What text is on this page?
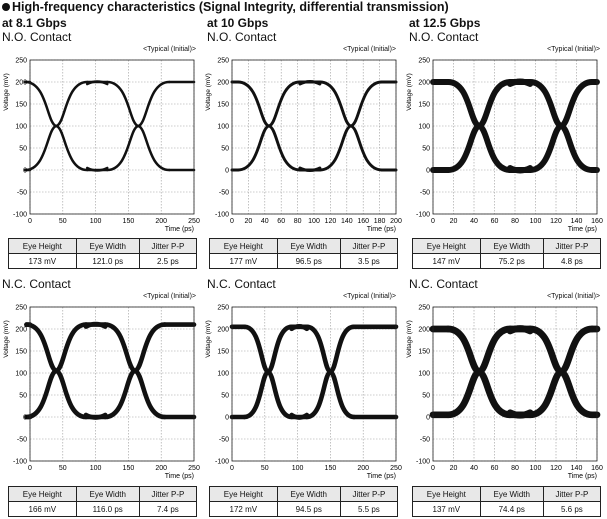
High-frequency characteristics (Signal Integrity, differential transmission)
at 8.1 Gbps	at 10 Gbps	at 12.5 Gbps
N.O. Contact	N.O. Contact	N.O. Contact
N.C. Contact	N.C. Contact	N.C. Contact
<Typical (Initial)>	<Typical (Initial)>	<Typical (Initial)>
<Typical (Initial)>	<Typical (Initial)>	<Typical (Initial)>
0	50	100	150	200	250
-100
-50
0
50
100
150
200
250
Time (ps)
Voltage (mV)
0 20 40 60 80 100 120 140 160 180 200
-100
-50
0
50
100
150
200
250
Time (ps)
Voltage (mV)
0 20 40 60 80 100 120 140 160
-100
-50
0
50
100
150
200
250
Time (ps)
Voltage (mV)
0	50	100	150	200	250
-100
-50
0
50
100
150
200
250
Time (ps)
Voltage (mV)
0	50	100	150	200	250
-100
-50
0
50
100
150
200
250
Time (ps)
Voltage (mV)
0 20 40 60 80 100 120 140 160
-100
-50
0
50
100
150
200
250
Time (ps)
Voltage (mV)
Eye Height	Eye Width	Jitter P-P
173 mV	121.0 ps	2.5 ps
Eye Height	Eye Width	Jitter P-P
177 mV	96.5 ps	3.5 ps
Eye Height	Eye Width	Jitter P-P
147 mV	75.2 ps	4.8 ps
Eye Height	Eye Width	Jitter P-P
166 mV	116.0 ps	7.4 ps
Eye Height	Eye Width	Jitter P-P
172 mV	94.5 ps	5.5 ps
Eye Height	Eye Width	Jitter P-P
137 mV	74.4 ps	5.6 ps
